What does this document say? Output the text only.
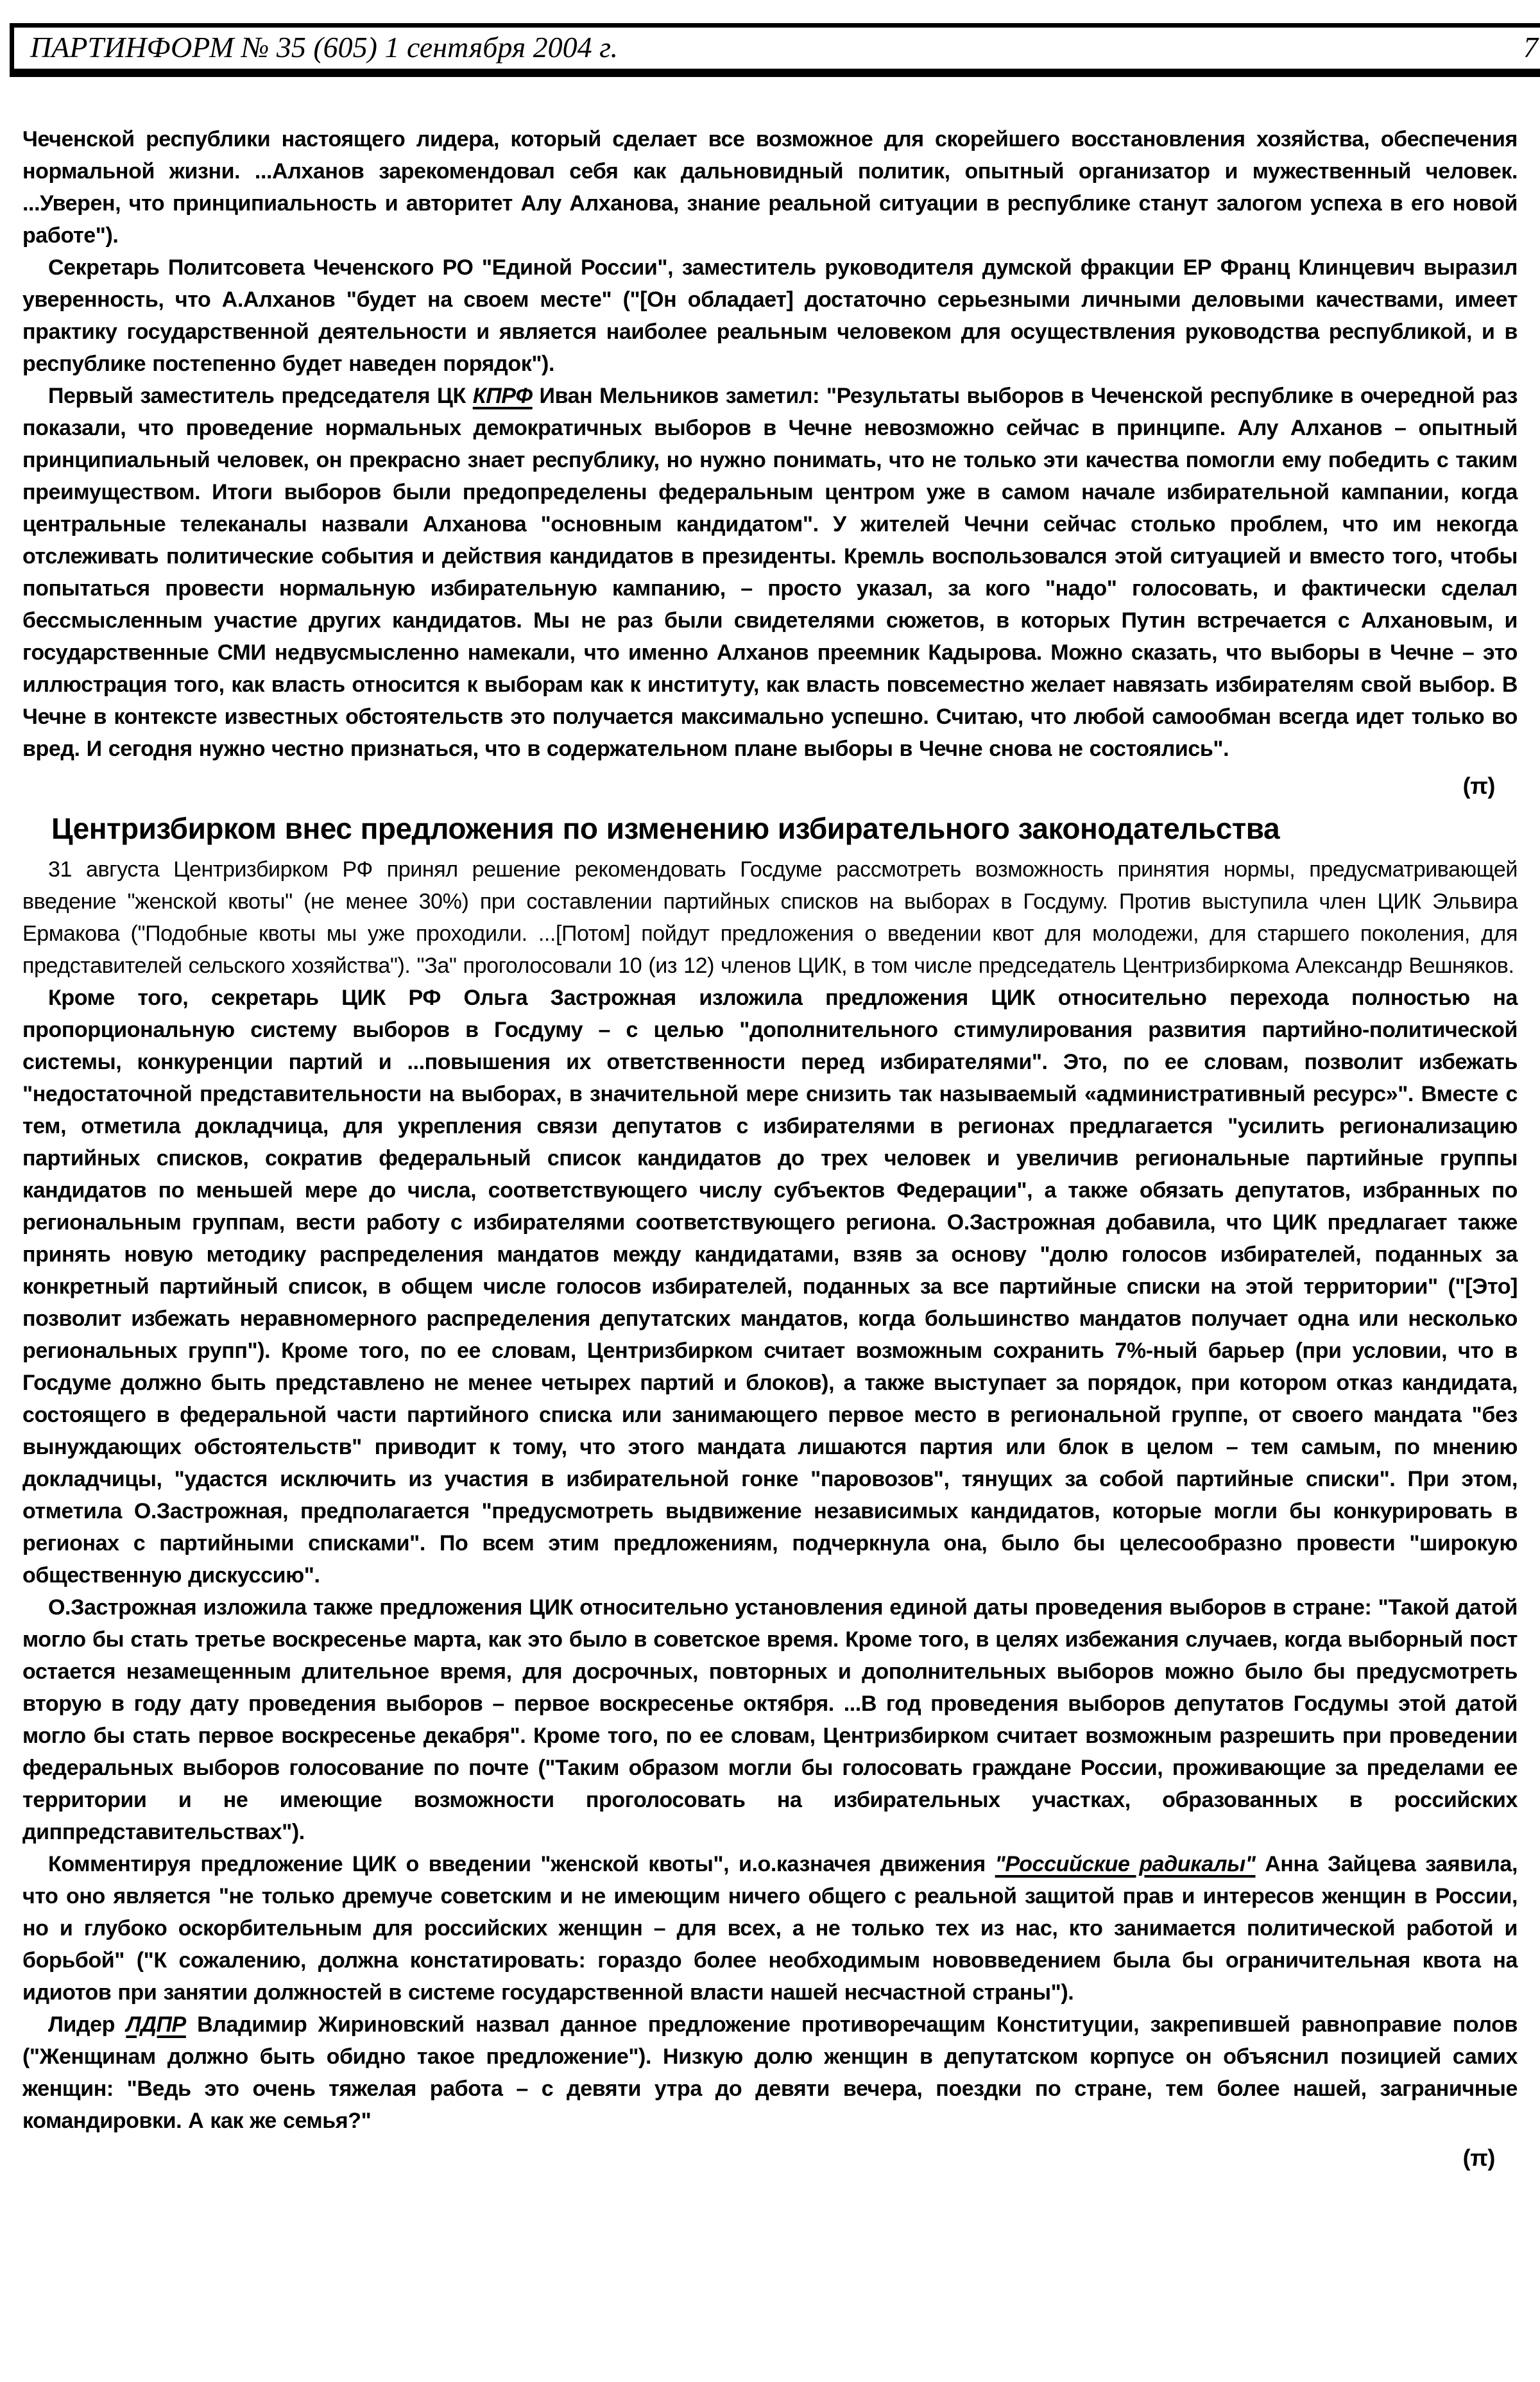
ПАРТИНФОРМ № 35 (605) 1 сентября 2004 г.	7

Чеченской республики настоящего лидера, который сделает все возможное для скорейшего восстановления хозяйства, обеспечения нормальной жизни. ...Алханов зарекомендовал себя как дальновидный политик, опытный организатор и мужественный человек. ...Уверен, что принципиальность и авторитет Алу Алханова, знание реальной ситуации в республике станут залогом успеха в его новой работе").

Секретарь Политсовета Чеченского РО "Единой России", заместитель руководителя думской фракции ЕР Франц Клинцевич выразил уверенность, что А.Алханов "будет на своем месте" ("[Он обладает] достаточно серьезными личными деловыми качествами, имеет практику государственной деятельности и является наиболее реальным человеком для осуществления руководства республикой, и в республике постепенно будет наведен порядок").

Первый заместитель председателя ЦК КПРФ Иван Мельников заметил: "Результаты выборов в Чеченской республике в очередной раз показали, что проведение нормальных демократичных выборов в Чечне невозможно сейчас в принципе. Алу Алханов – опытный принципиальный человек, он прекрасно знает республику, но нужно понимать, что не только эти качества помогли ему победить с таким преимуществом. Итоги выборов были предопределены федеральным центром уже в самом начале избирательной кампании, когда центральные телеканалы назвали Алханова "основным кандидатом". У жителей Чечни сейчас столько проблем, что им некогда отслеживать политические события и действия кандидатов в президенты. Кремль воспользовался этой ситуацией и вместо того, чтобы попытаться провести нормальную избирательную кампанию, – просто указал, за кого "надо" голосовать, и фактически сделал бессмысленным участие других кандидатов. Мы не раз были свидетелями сюжетов, в которых Путин встречается с Алхановым, и государственные СМИ недвусмысленно намекали, что именно Алханов преемник Кадырова. Можно сказать, что выборы в Чечне – это иллюстрация того, как власть относится к выборам как к институту, как власть повсеместно желает навязать избирателям свой выбор. В Чечне в контексте известных обстоятельств это получается максимально успешно. Считаю, что любой самообман всегда идет только во вред. И сегодня нужно честно признаться, что в содержательном плане выборы в Чечне снова не состоялись".

(π)
Центризбирком внес предложения по изменению избирательного законодательства

31 августа Центризбирком РФ принял решение рекомендовать Госдуме рассмотреть возможность принятия нормы, предусматривающей введение "женской квоты" (не менее 30%) при составлении партийных списков на выборах в Госдуму. Против выступила член ЦИК Эльвира Ермакова ("Подобные квоты мы уже проходили. ...[Потом] пойдут предложения о введении квот для молодежи, для старшего поколения, для представителей сельского хозяйства"). "За" проголосовали 10 (из 12) членов ЦИК, в том числе председатель Центризбиркома Александр Вешняков.

Кроме того, секретарь ЦИК РФ Ольга Застрожная изложила предложения ЦИК относительно перехода полностью на пропорциональную систему выборов в Госдуму – с целью "дополнительного стимулирования развития партийно-политической системы, конкуренции партий и ...повышения их ответственности перед избирателями". Это, по ее словам, позволит избежать "недостаточной представительности на выборах, в значительной мере снизить так называемый «административный ресурс»". Вместе с тем, отметила докладчица, для укрепления связи депутатов с избирателями в регионах предлагается "усилить регионализацию партийных списков, сократив федеральный список кандидатов до трех человек и увеличив региональные партийные группы кандидатов по меньшей мере до числа, соответствующего числу субъектов Федерации", а также обязать депутатов, избранных по региональным группам, вести работу с избирателями соответствующего региона. О.Застрожная добавила, что ЦИК предлагает также принять новую методику распределения мандатов между кандидатами, взяв за основу "долю голосов избирателей, поданных за конкретный партийный список, в общем числе голосов избирателей, поданных за все партийные списки на этой территории" ("[Это] позволит избежать неравномерного распределения депутатских мандатов, когда большинство мандатов получает одна или несколько региональных групп"). Кроме того, по ее словам, Центризбирком считает возможным сохранить 7%-ный барьер (при условии, что в Госдуме должно быть представлено не менее четырех партий и блоков), а также выступает за порядок, при котором отказ кандидата, состоящего в федеральной части партийного списка или занимающего первое место в региональной группе, от своего мандата "без вынуждающих обстоятельств" приводит к тому, что этого мандата лишаются партия или блок в целом – тем самым, по мнению докладчицы, "удастся исключить из участия в избирательной гонке "паровозов", тянущих за собой партийные списки". При этом, отметила О.Застрожная, предполагается "предусмотреть выдвижение независимых кандидатов, которые могли бы конкурировать в регионах с партийными списками". По всем этим предложениям, подчеркнула она, было бы целесообразно провести "широкую общественную дискуссию".

О.Застрожная изложила также предложения ЦИК относительно установления единой даты проведения выборов в стране: "Такой датой могло бы стать третье воскресенье марта, как это было в советское время. Кроме того, в целях избежания случаев, когда выборный пост остается незамещенным длительное время, для досрочных, повторных и дополнительных выборов можно было бы предусмотреть вторую в году дату проведения выборов – первое воскресенье октября. ...В год проведения выборов депутатов Госдумы этой датой могло бы стать первое воскресенье декабря". Кроме того, по ее словам, Центризбирком считает возможным разрешить при проведении федеральных выборов голосование по почте ("Таким образом могли бы голосовать граждане России, проживающие за пределами ее территории и не имеющие возможности проголосовать на избирательных участках, образованных в российских диппредставительствах").

Комментируя предложение ЦИК о введении "женской квоты", и.о.казначея движения "Российские радикалы" Анна Зайцева заявила, что оно является "не только дремуче советским и не имеющим ничего общего с реальной защитой прав и интересов женщин в России, но и глубоко оскорбительным для российских женщин – для всех, а не только тех из нас, кто занимается политической работой и борьбой" ("К сожалению, должна констатировать: гораздо более необходимым нововведением была бы ограничительная квота на идиотов при занятии должностей в системе государственной власти нашей несчастной страны").

Лидер ЛДПР Владимир Жириновский назвал данное предложение противоречащим Конституции, закрепившей равноправие полов ("Женщинам должно быть обидно такое предложение"). Низкую долю женщин в депутатском корпусе он объяснил позицией самих женщин: "Ведь это очень тяжелая работа – с девяти утра до девяти вечера, поездки по стране, тем более нашей, заграничные командировки. А как же семья?"

(π)
